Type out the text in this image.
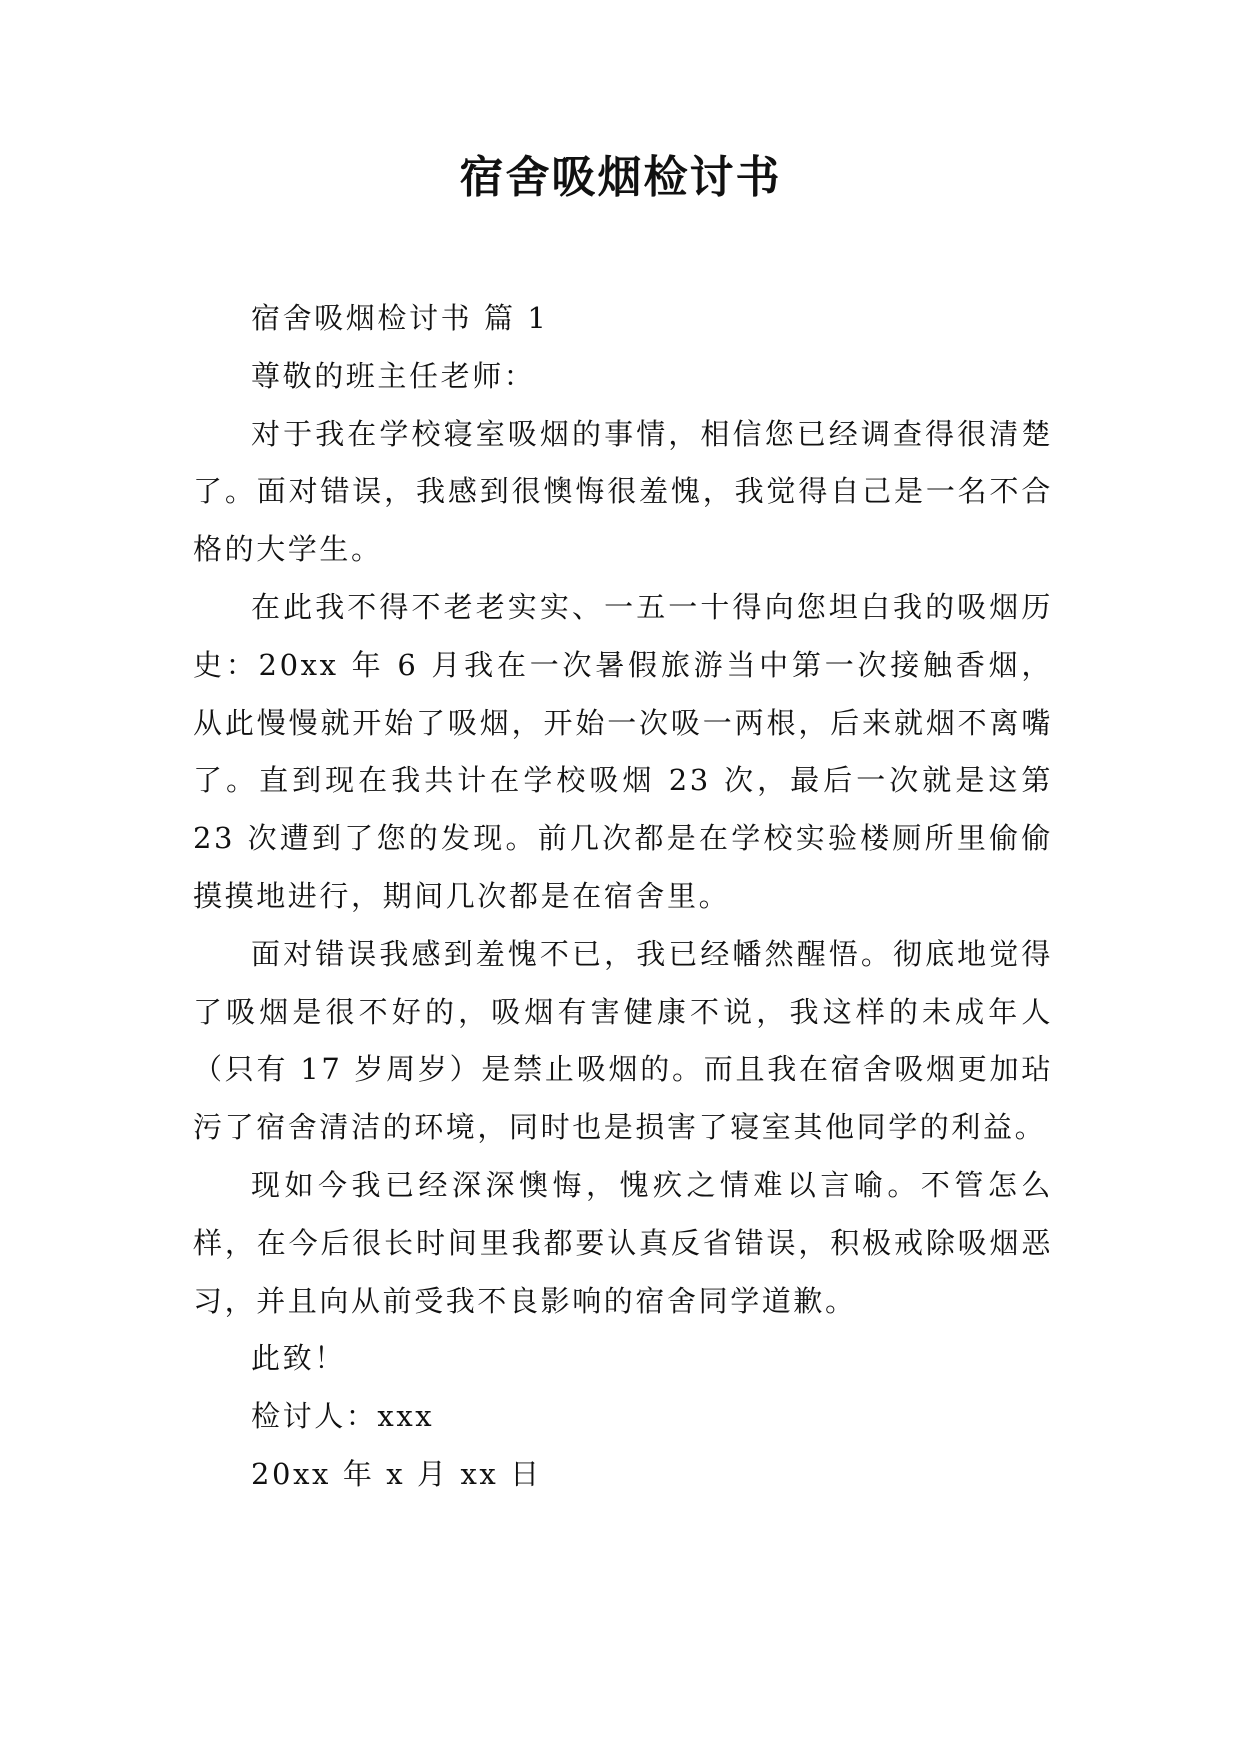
宿舍吸烟检讨书

宿舍吸烟检讨书 篇 1

尊敬的班主任老师：

对于我在学校寝室吸烟的事情，相信您已经调查得很清楚了。面对错误，我感到很懊悔很羞愧，我觉得自己是一名不合格的大学生。

在此我不得不老老实实、一五一十得向您坦白我的吸烟历史：20xx 年 6 月我在一次暑假旅游当中第一次接触香烟，从此慢慢就开始了吸烟，开始一次吸一两根，后来就烟不离嘴了。直到现在我共计在学校吸烟 23 次，最后一次就是这第 23 次遭到了您的发现。前几次都是在学校实验楼厕所里偷偷摸摸地进行，期间几次都是在宿舍里。

面对错误我感到羞愧不已，我已经幡然醒悟。彻底地觉得了吸烟是很不好的，吸烟有害健康不说，我这样的未成年人（只有 17 岁周岁）是禁止吸烟的。而且我在宿舍吸烟更加玷污了宿舍清洁的环境，同时也是损害了寝室其他同学的利益。

现如今我已经深深懊悔，愧疚之情难以言喻。不管怎么样，在今后很长时间里我都要认真反省错误，积极戒除吸烟恶习，并且向从前受我不良影响的宿舍同学道歉。

此致！

检讨人：xxx

20xx 年 x 月 xx 日
